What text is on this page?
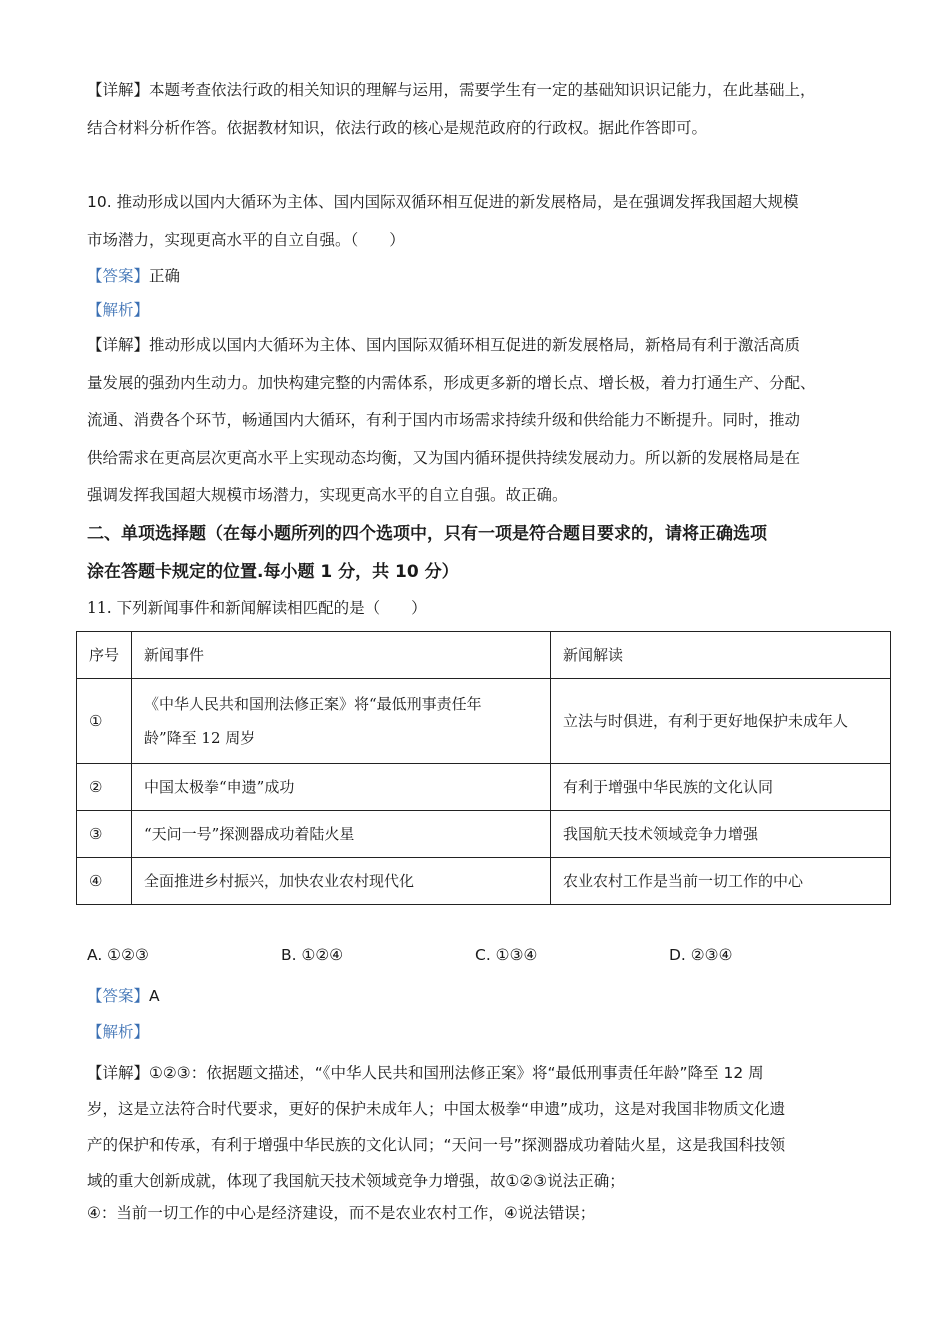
【详解】本题考查依法行政的相关知识的理解与运用，需要学生有一定的基础知识识记能力，在此基础上，
结合材料分析作答。依据教材知识，依法行政的核心是规范政府的行政权。据此作答即可。
10. 推动形成以国内大循环为主体、国内国际双循环相互促进的新发展格局，是在强调发挥我国超大规模
市场潜力，实现更高水平的自立自强。（　　）
【答案】正确
【解析】
【详解】推动形成以国内大循环为主体、国内国际双循环相互促进的新发展格局，新格局有利于激活高质
量发展的强劲内生动力。加快构建完整的内需体系，形成更多新的增长点、增长极，着力打通生产、分配、
流通、消费各个环节，畅通国内大循环，有利于国内市场需求持续升级和供给能力不断提升。同时，推动
供给需求在更高层次更高水平上实现动态均衡，又为国内循环提供持续发展动力。所以新的发展格局是在
强调发挥我国超大规模市场潜力，实现更高水平的自立自强。故正确。
二、单项选择题（在每小题所列的四个选项中，只有一项是符合题目要求的，请将正确选项
涂在答题卡规定的位置.每小题 1 分，共 10 分）
11. 下列新闻事件和新闻解读相匹配的是（　　）
序号	新闻事件	新闻解读
①	《中华人民共和国刑法修正案》将“最低刑事责任年
龄”降至 12 周岁	立法与时俱进，有利于更好地保护未成年人
②	中国太极拳“申遗”成功	有利于增强中华民族的文化认同
③	“天问一号”探测器成功着陆火星	我国航天技术领域竞争力增强
④	全面推进乡村振兴，加快农业农村现代化	农业农村工作是当前一切工作的中心
A. ①②③	B. ①②④	C. ①③④	D. ②③④
【答案】A
【解析】
【详解】①②③：依据题文描述，“《中华人民共和国刑法修正案》将“最低刑事责任年龄”降至 12 周
岁，这是立法符合时代要求，更好的保护未成年人；中国太极拳“申遗”成功，这是对我国非物质文化遗
产的保护和传承，有利于增强中华民族的文化认同；“天问一号”探测器成功着陆火星，这是我国科技领
域的重大创新成就，体现了我国航天技术领域竞争力增强，故①②③说法正确；
④：当前一切工作的中心是经济建设，而不是农业农村工作，④说法错误；
